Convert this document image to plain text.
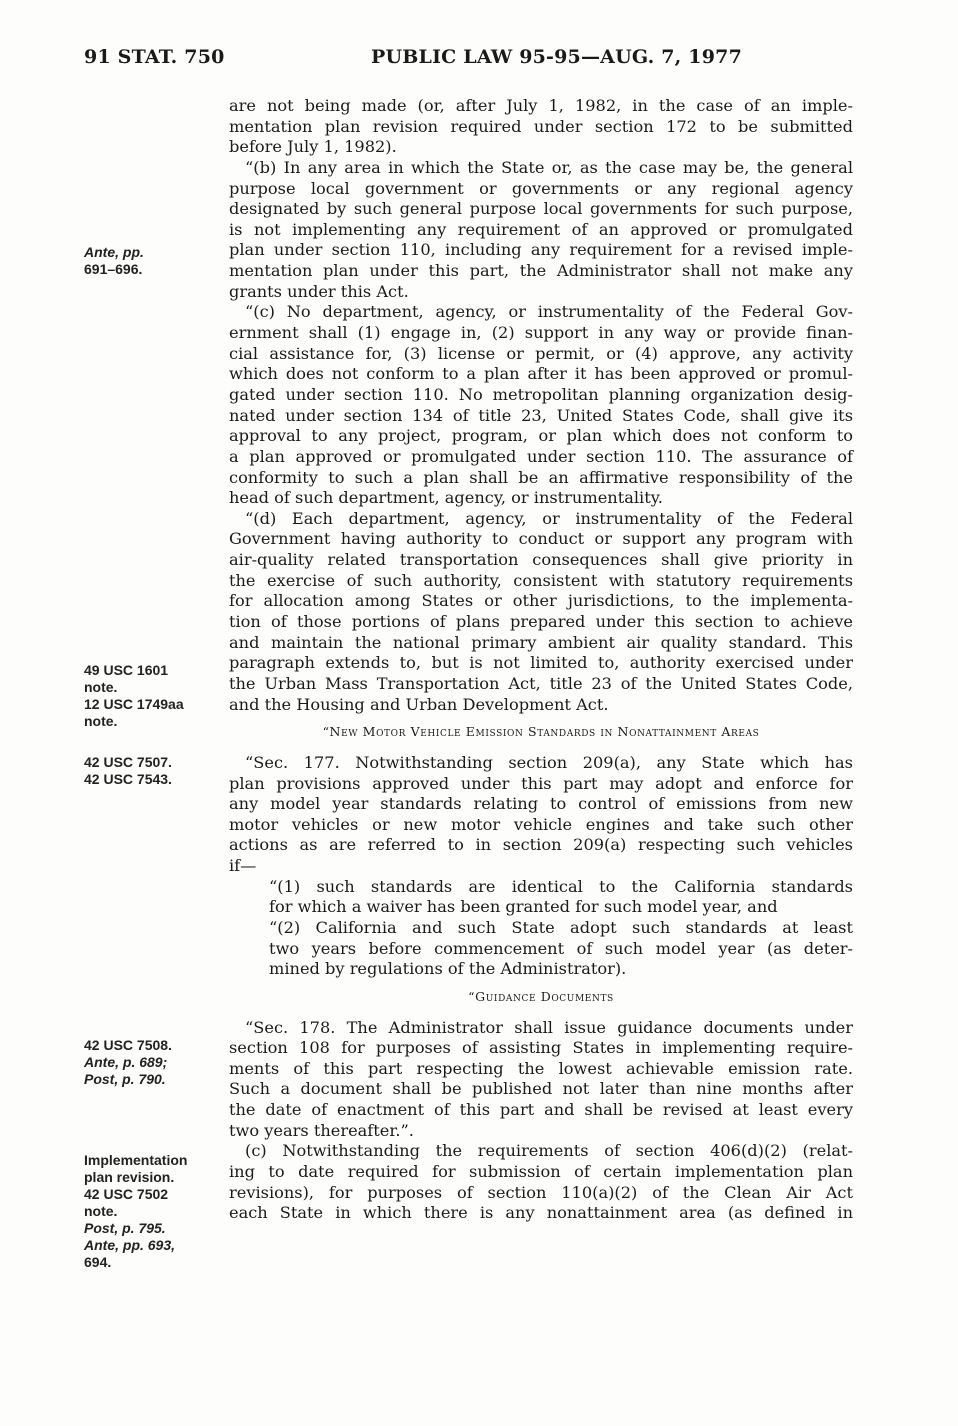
91 STAT. 750	PUBLIC LAW 95-95—AUG. 7, 1977
Ante, pp.
691–696.
49 USC 1601
note.
12 USC 1749aa
note.
42 USC 7507.
42 USC 7543.
42 USC 7508.
Ante, p. 689;
Post, p. 790.
Implementation
plan revision.
42 USC 7502
note.
Post, p. 795.
Ante, pp. 693,
694.
are not being made (or, after July 1, 1982, in the case of an imple-
mentation plan revision required under section 172 to be submitted
before July 1, 1982).
“(b) In any area in which the State or, as the case may be, the general
purpose local government or governments or any regional agency
designated by such general purpose local governments for such purpose,
is not implementing any requirement of an approved or promulgated
plan under section 110, including any requirement for a revised imple-
mentation plan under this part, the Administrator shall not make any
grants under this Act.
“(c) No department, agency, or instrumentality of the Federal Gov-
ernment shall (1) engage in, (2) support in any way or provide finan-
cial assistance for, (3) license or permit, or (4) approve, any activity
which does not conform to a plan after it has been approved or promul-
gated under section 110. No metropolitan planning organization desig-
nated under section 134 of title 23, United States Code, shall give its
approval to any project, program, or plan which does not conform to
a plan approved or promulgated under section 110. The assurance of
conformity to such a plan shall be an affirmative responsibility of the
head of such department, agency, or instrumentality.
“(d) Each department, agency, or instrumentality of the Federal
Government having authority to conduct or support any program with
air-quality related transportation consequences shall give priority in
the exercise of such authority, consistent with statutory requirements
for allocation among States or other jurisdictions, to the implementa-
tion of those portions of plans prepared under this section to achieve
and maintain the national primary ambient air quality standard. This
paragraph extends to, but is not limited to, authority exercised under
the Urban Mass Transportation Act, title 23 of the United States Code,
and the Housing and Urban Development Act.
“New Motor Vehicle Emission Standards in Nonattainment Areas
“Sec. 177. Notwithstanding section 209(a), any State which has
plan provisions approved under this part may adopt and enforce for
any model year standards relating to control of emissions from new
motor vehicles or new motor vehicle engines and take such other
actions as are referred to in section 209(a) respecting such vehicles
if—
“(1) such standards are identical to the California standards
for which a waiver has been granted for such model year, and
“(2) California and such State adopt such standards at least
two years before commencement of such model year (as deter-
mined by regulations of the Administrator).
“Guidance Documents
“Sec. 178. The Administrator shall issue guidance documents under
section 108 for purposes of assisting States in implementing require-
ments of this part respecting the lowest achievable emission rate.
Such a document shall be published not later than nine months after
the date of enactment of this part and shall be revised at least every
two years thereafter.”.
(c) Notwithstanding the requirements of section 406(d)(2) (relat-
ing to date required for submission of certain implementation plan
revisions), for purposes of section 110(a)(2) of the Clean Air Act
each State in which there is any nonattainment area (as defined in
